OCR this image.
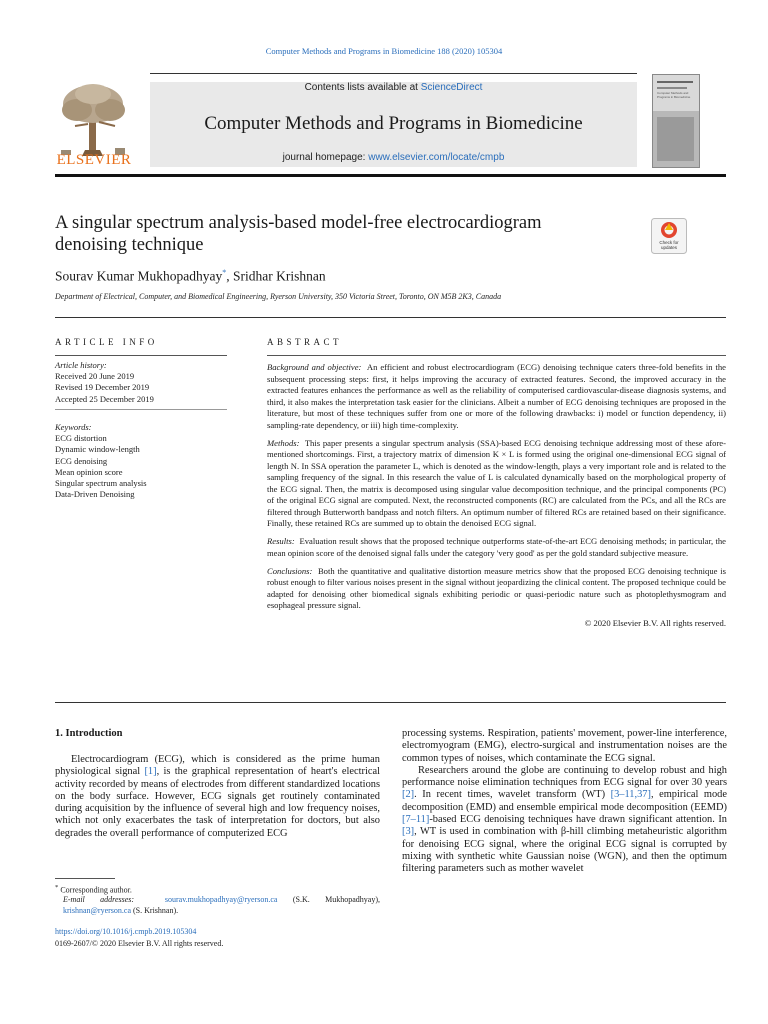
Computer Methods and Programs in Biomedicine 188 (2020) 105304
ELSEVIER
Contents lists available at ScienceDirect
Computer Methods and Programs in Biomedicine
journal homepage: www.elsevier.com/locate/cmpb
Computer Methods and Programs in Biomedicine
A singular spectrum analysis-based model-free electrocardiogram denoising technique	Check for
updates
Sourav Kumar Mukhopadhyay*, Sridhar Krishnan
Department of Electrical, Computer, and Biomedical Engineering, Ryerson University, 350 Victoria Street, Toronto, ON M5B 2K3, Canada
ARTICLE INFO
Article history:
Received 20 June 2019
Revised 19 December 2019
Accepted 25 December 2019
Keywords:
ECG distortion
Dynamic window-length
ECG denoising
Mean opinion score
Singular spectrum analysis
Data-Driven Denoising
ABSTRACT

Background and objective: An efficient and robust electrocardiogram (ECG) denoising technique caters three-fold benefits in the subsequent processing steps: first, it helps improving the accuracy of extracted features. Second, the improved accuracy in the extracted features enhances the performance as well as the reliability of computerised cardiovascular-disease diagnosis systems, and third, it also makes the interpretation task easier for the clinicians. Albeit a number of ECG denoising techniques are proposed in the literature, but most of these techniques suffer from one or more of the following drawbacks: i) model or function dependency, ii) sampling-rate dependency, or iii) high time-complexity.

Methods: This paper presents a singular spectrum analysis (SSA)-based ECG denoising technique addressing most of these afore-mentioned shortcomings. First, a trajectory matrix of dimension K × L is formed using the original one-dimensional ECG signal of length N. In SSA operation the parameter L, which is denoted as the window-length, plays a very important role and is related to the sampling frequency of the signal. In this research the value of L is calculated dynamically based on the morphological property of the ECG signal. Then, the matrix is decomposed using singular value decomposition technique, and the principal components (PC) of the original ECG signal are computed. Next, the reconstructed components (RC) are calculated from the PCs, and all the RCs are filtered through Butterworth bandpass and notch filters. An optimum number of filtered RCs are retained based on their significance. Finally, these retained RCs are summed up to obtain the denoised ECG signal.

Results: Evaluation result shows that the proposed technique outperforms state-of-the-art ECG denoising methods; in particular, the mean opinion score of the denoised signal falls under the category 'very good' as per the gold standard subjective measure.

Conclusions: Both the quantitative and qualitative distortion measure metrics show that the proposed ECG denoising technique is robust enough to filter various noises present in the signal without jeopardizing the clinical content. The proposed technique could be adapted for denoising other biomedical signals exhibiting periodic or quasi-periodic nature such as photoplethysmogram and esophageal pressure signal.

© 2020 Elsevier B.V. All rights reserved.
1. Introduction

Electrocardiogram (ECG), which is considered as the prime human physiological signal [1], is the graphical representation of heart's electrical activity recorded by means of electrodes from different standardized locations on the body surface. However, ECG signals get routinely contaminated during acquisition by the influence of several high and low frequency noises, which not only exacerbates the task of interpretation for doctors, but also degrades the overall performance of computerized ECG

processing systems. Respiration, patients' movement, power-line interference, electromyogram (EMG), electro-surgical and instrumentation noises are the common types of noises, which contaminate the ECG signal.

Researchers around the globe are continuing to develop robust and high performance noise elimination techniques from ECG signal for over 30 years [2]. In recent times, wavelet transform (WT) [3–11,37], empirical mode decomposition (EMD) and ensemble empirical mode decomposition (EEMD) [7–11]-based ECG denoising techniques have drawn significant attention. In [3], WT is used in combination with β-hill climbing metaheuristic algorithm for denoising ECG signal, where the original ECG signal is corrupted by mixing with synthetic white Gaussian noise (WGN), and then the optimum filtering parameters such as mother wavelet

* Corresponding author.
E-mail addresses:	sourav.mukhopadhyay@ryerson.ca (S.K. Mukhopadhyay), krishnan@ryerson.ca (S. Krishnan).
https://doi.org/10.1016/j.cmpb.2019.105304
0169-2607/© 2020 Elsevier B.V. All rights reserved.
